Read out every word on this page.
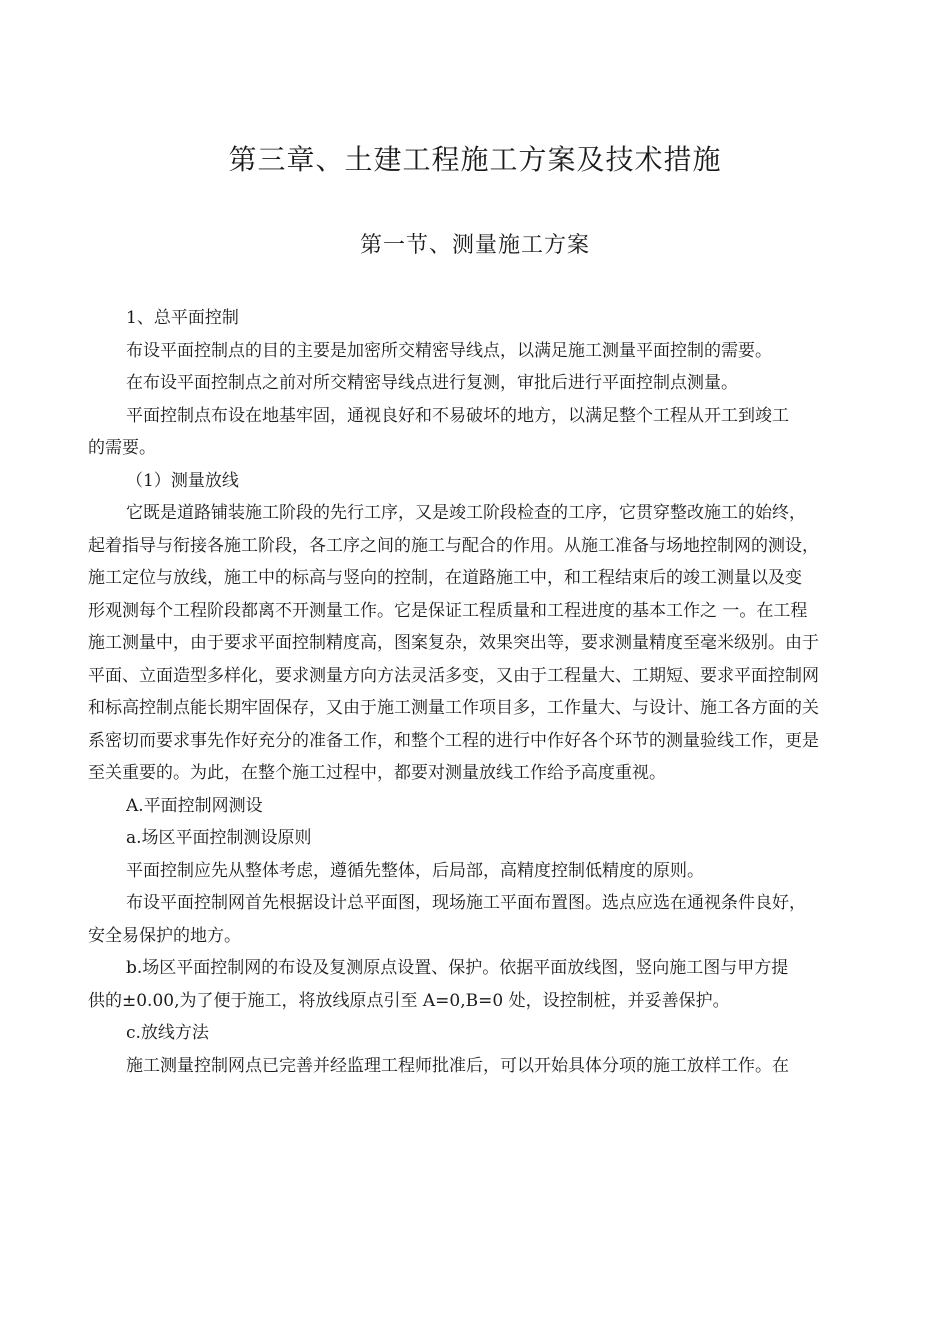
第三章、土建工程施工方案及技术措施
第一节、测量施工方案
1、总平面控制
布设平面控制点的目的主要是加密所交精密导线点，以满足施工测量平面控制的需要。
在布设平面控制点之前对所交精密导线点进行复测，审批后进行平面控制点测量。
平面控制点布设在地基牢固，通视良好和不易破坏的地方，以满足整个工程从开工到竣工
的需要。
（1）测量放线
它既是道路铺装施工阶段的先行工序，又是竣工阶段检查的工序，它贯穿整改施工的始终，
起着指导与衔接各施工阶段，各工序之间的施工与配合的作用。从施工准备与场地控制网的测设，
施工定位与放线，施工中的标高与竖向的控制，在道路施工中，和工程结束后的竣工测量以及变
形观测每个工程阶段都离不开测量工作。它是保证工程质量和工程进度的基本工作之 一。在工程
施工测量中，由于要求平面控制精度高，图案复杂，效果突出等，要求测量精度至毫米级别。由于
平面、立面造型多样化，要求测量方向方法灵活多变，又由于工程量大、工期短、要求平面控制网
和标高控制点能长期牢固保存，又由于施工测量工作项目多，工作量大、与设计、施工各方面的关
系密切而要求事先作好充分的准备工作，和整个工程的进行中作好各个环节的测量验线工作，更是
至关重要的。为此，在整个施工过程中，都要对测量放线工作给予高度重视。
A.平面控制网测设
a.场区平面控制测设原则
平面控制应先从整体考虑，遵循先整体，后局部，高精度控制低精度的原则。
布设平面控制网首先根据设计总平面图，现场施工平面布置图。选点应选在通视条件良好，
安全易保护的地方。
b.场区平面控制网的布设及复测原点设置、保护。依据平面放线图，竖向施工图与甲方提
供的±0.00,为了便于施工，将放线原点引至 A=0,B=0 处，设控制桩，并妥善保护。
c.放线方法
施工测量控制网点已完善并经监理工程师批准后，可以开始具体分项的施工放样工作。在
